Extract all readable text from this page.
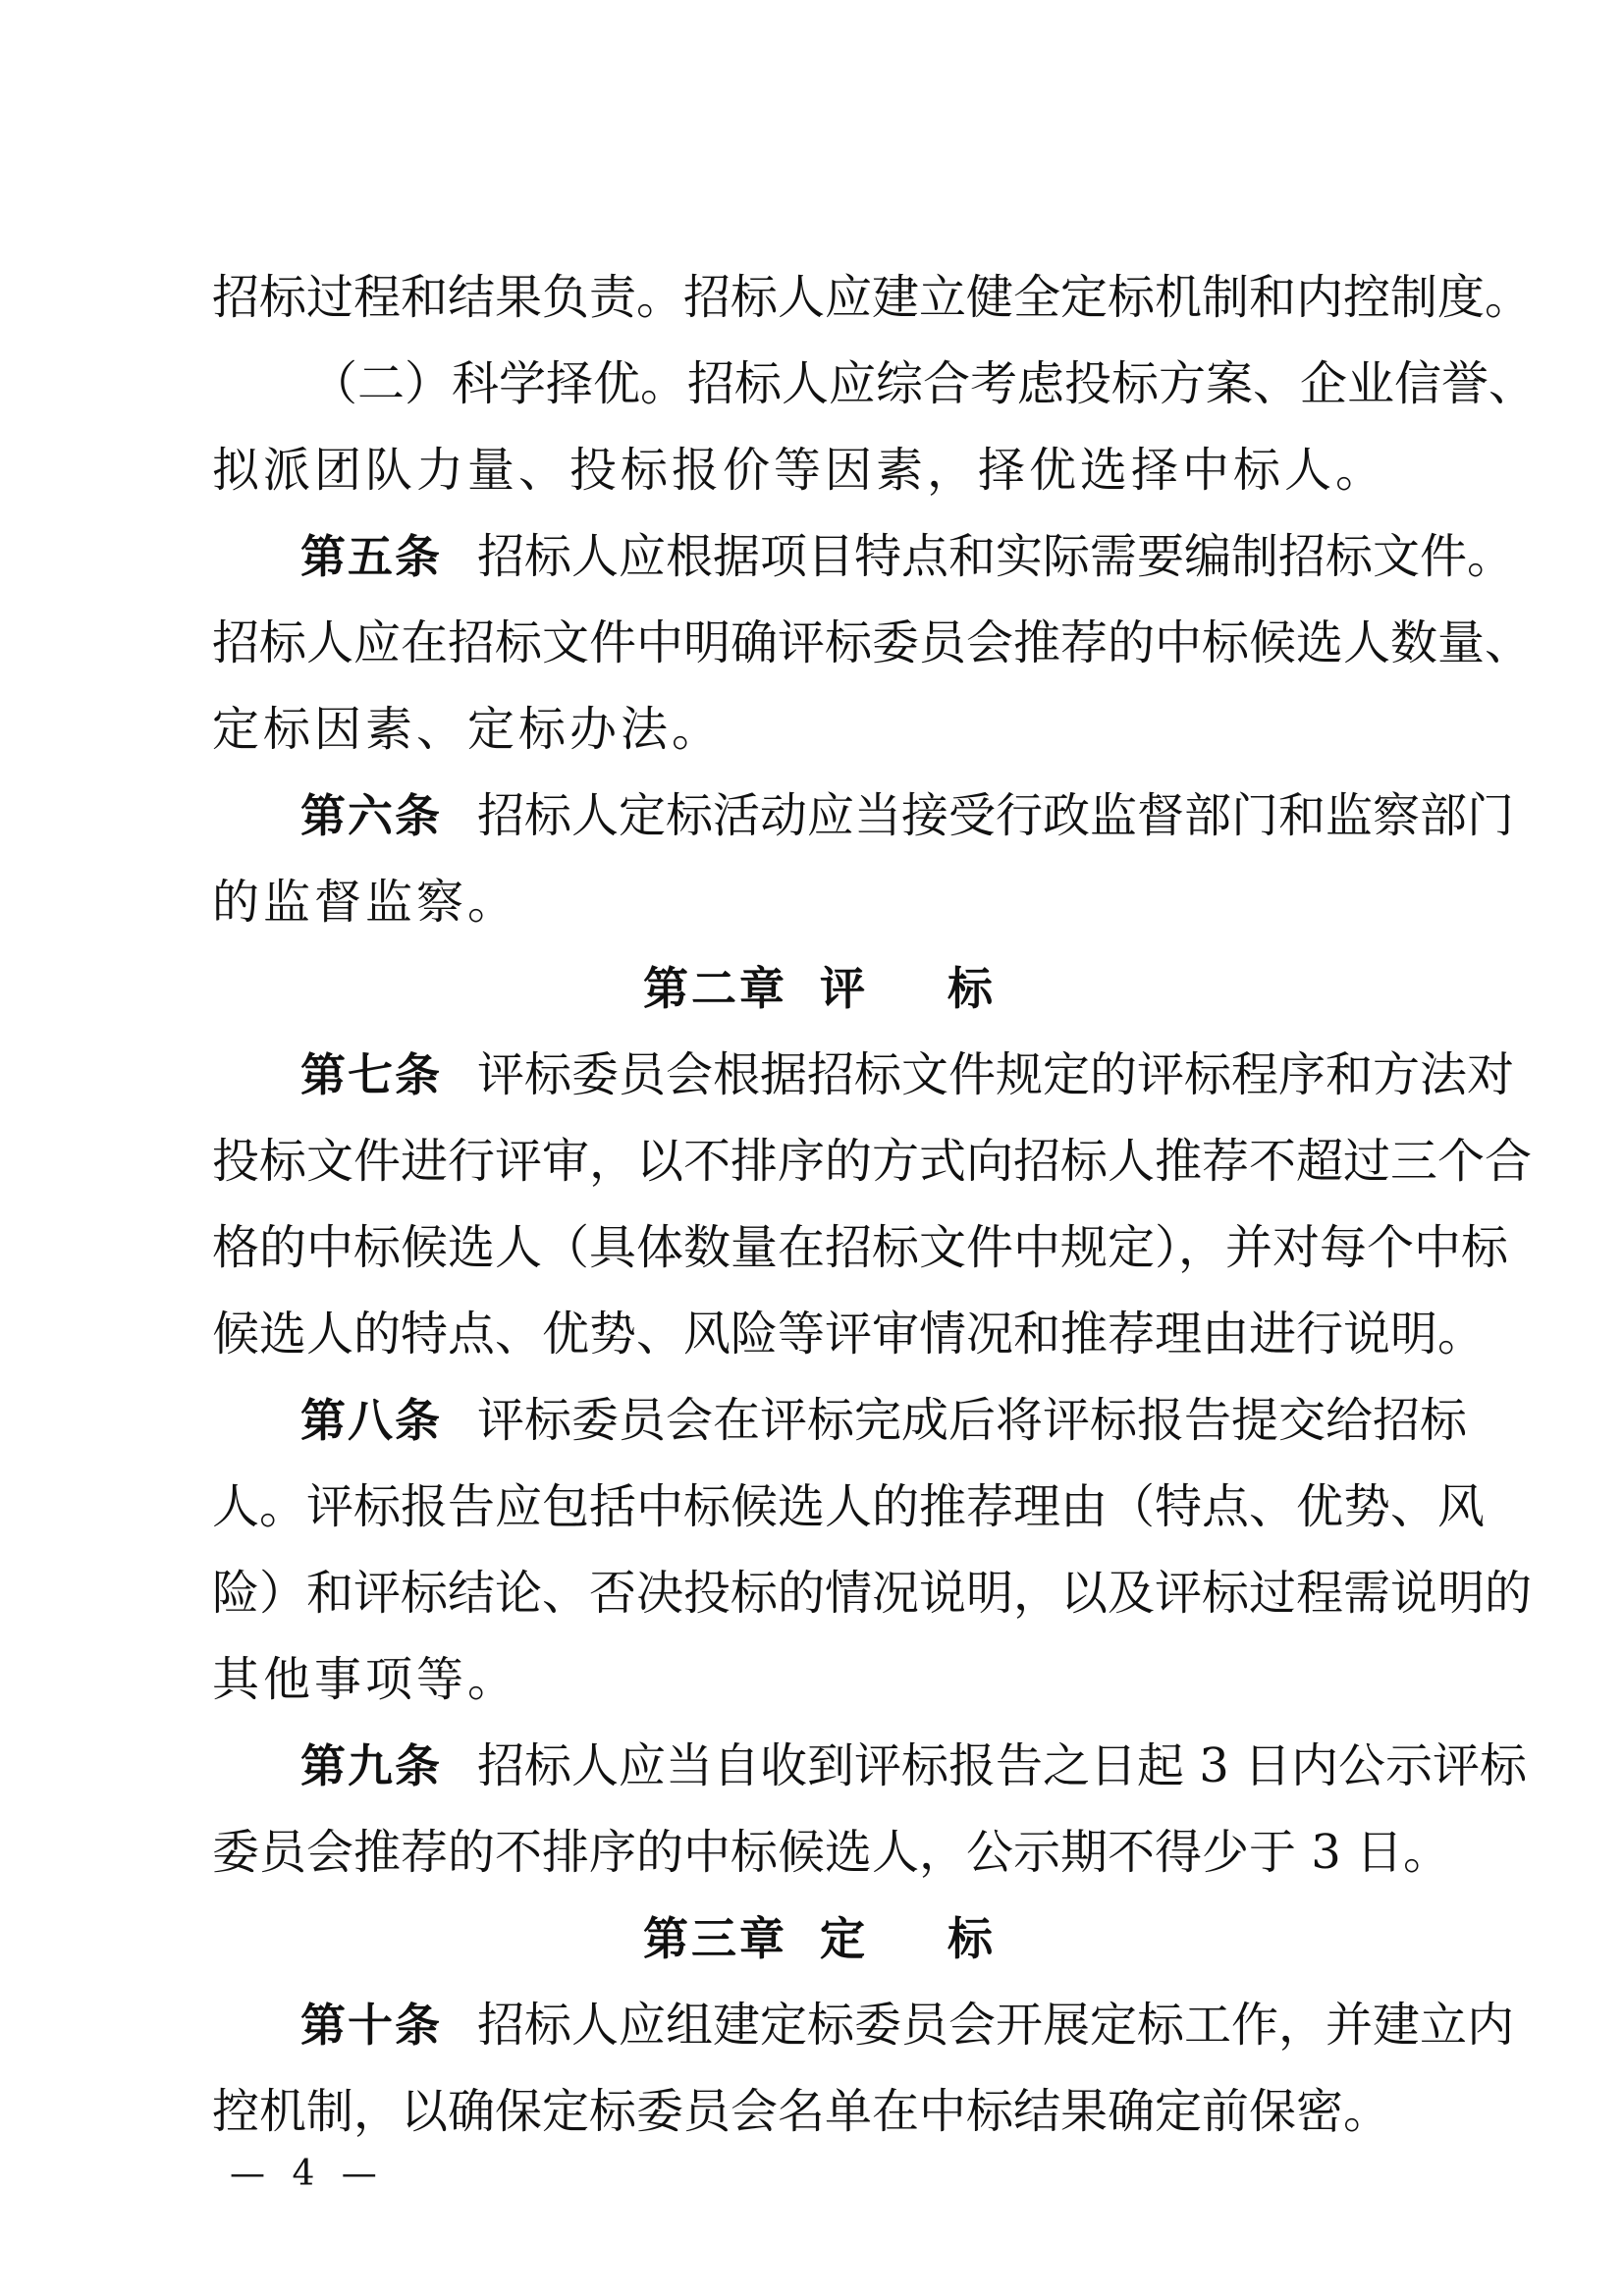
招标过程和结果负责。招标人应建立健全定标机制和内控制度。
（二）科学择优。招标人应综合考虑投标方案、企业信誉、
拟派团队力量、投标报价等因素，择优选择中标人。
第五条 招标人应根据项目特点和实际需要编制招标文件。
招标人应在招标文件中明确评标委员会推荐的中标候选人数量、
定标因素、定标办法。
第六条 招标人定标活动应当接受行政监督部门和监察部门
的监督监察。
第二章 评 标
第七条 评标委员会根据招标文件规定的评标程序和方法对
投标文件进行评审，以不排序的方式向招标人推荐不超过三个合
格的中标候选人（具体数量在招标文件中规定），并对每个中标
候选人的特点、优势、风险等评审情况和推荐理由进行说明。
第八条 评标委员会在评标完成后将评标报告提交给招标
人。评标报告应包括中标候选人的推荐理由（特点、优势、风
险）和评标结论、否决投标的情况说明，以及评标过程需说明的
其他事项等。
第九条 招标人应当自收到评标报告之日起 3 日内公示评标
委员会推荐的不排序的中标候选人，公示期不得少于 3 日。
第三章 定 标
第十条 招标人应组建定标委员会开展定标工作，并建立内
控机制，以确保定标委员会名单在中标结果确定前保密。
— 4 —
